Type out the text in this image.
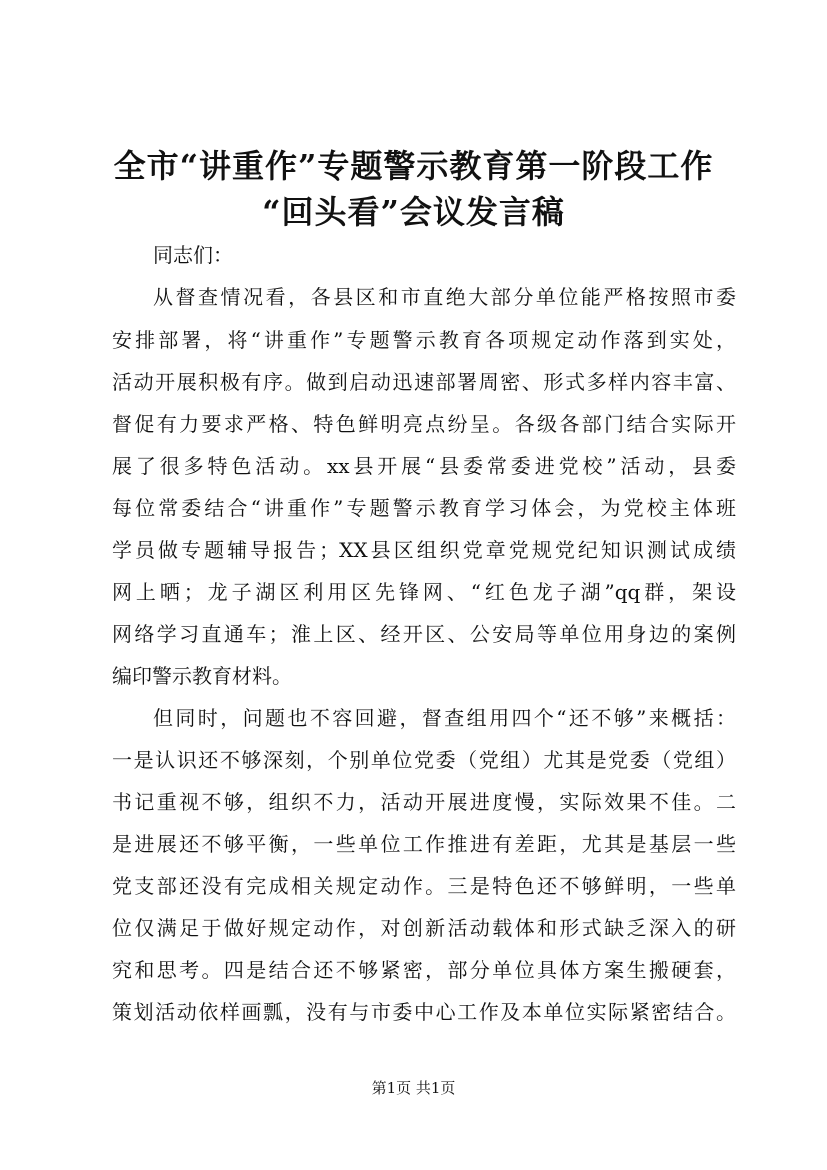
全市“讲重作”专题警示教育第一阶段工作
“回头看”会议发言稿

同志们：

从督查情况看，各县区和市直绝大部分单位能严格按照市委

安排部署，将“讲重作”专题警示教育各项规定动作落到实处，

活动开展积极有序。做到启动迅速部署周密、形式多样内容丰富、

督促有力要求严格、特色鲜明亮点纷呈。各级各部门结合实际开

展了很多特色活动。xx县开展“县委常委进党校”活动，县委

每位常委结合“讲重作”专题警示教育学习体会，为党校主体班

学员做专题辅导报告；XX县区组织党章党规党纪知识测试成绩

网上晒；龙子湖区利用区先锋网、“红色龙子湖”qq群，架设

网络学习直通车；淮上区、经开区、公安局等单位用身边的案例

编印警示教育材料。

但同时，问题也不容回避，督查组用四个“还不够”来概括：

一是认识还不够深刻，个别单位党委（党组）尤其是党委（党组）

书记重视不够，组织不力，活动开展进度慢，实际效果不佳。二

是进展还不够平衡，一些单位工作推进有差距，尤其是基层一些

党支部还没有完成相关规定动作。三是特色还不够鲜明，一些单

位仅满足于做好规定动作，对创新活动载体和形式缺乏深入的研

究和思考。四是结合还不够紧密，部分单位具体方案生搬硬套，

策划活动依样画瓢，没有与市委中心工作及本单位实际紧密结合。

第1页 共1页
